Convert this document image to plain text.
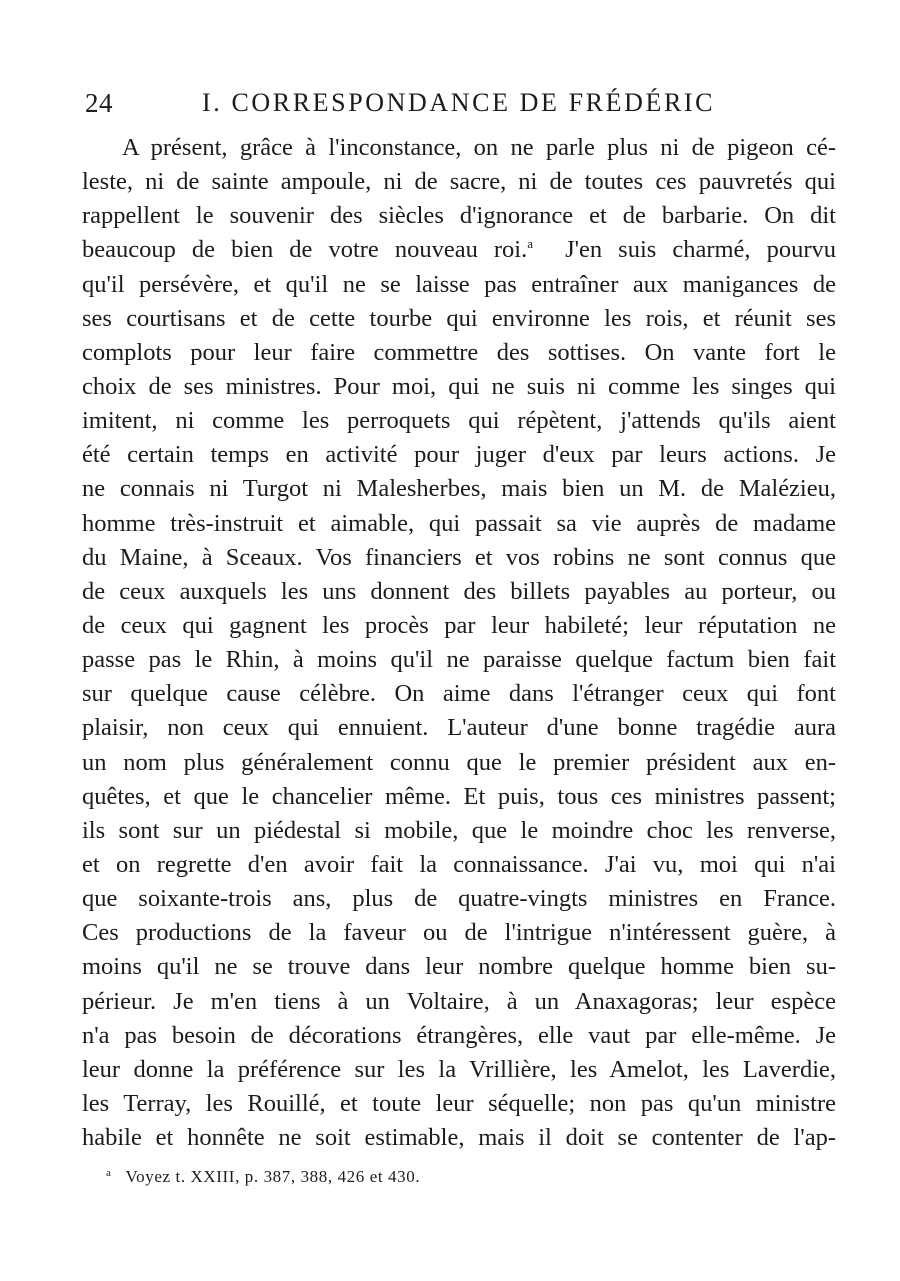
24	I. CORRESPONDANCE DE FRÉDÉRIC
A présent, grâce à l'inconstance, on ne parle plus ni de pigeon cé-
leste, ni de sainte ampoule, ni de sacre, ni de toutes ces pauvretés qui
rappellent le souvenir des siècles d'ignorance et de barbarie. On dit
beaucoup de bien de votre nouveau roi.$^a$ J'en suis charmé, pourvu
qu'il persévère, et qu'il ne se laisse pas entraîner aux manigances de
ses courtisans et de cette tourbe qui environne les rois, et réunit ses
complots pour leur faire commettre des sottises. On vante fort le
choix de ses ministres. Pour moi, qui ne suis ni comme les singes qui
imitent, ni comme les perroquets qui répètent, j'attends qu'ils aient
été certain temps en activité pour juger d'eux par leurs actions. Je
ne connais ni Turgot ni Malesherbes, mais bien un M. de Malézieu,
homme très-instruit et aimable, qui passait sa vie auprès de madame
du Maine, à Sceaux. Vos financiers et vos robins ne sont connus que
de ceux auxquels les uns donnent des billets payables au porteur, ou
de ceux qui gagnent les procès par leur habileté; leur réputation ne
passe pas le Rhin, à moins qu'il ne paraisse quelque factum bien fait
sur quelque cause célèbre. On aime dans l'étranger ceux qui font
plaisir, non ceux qui ennuient. L'auteur d'une bonne tragédie aura
un nom plus généralement connu que le premier président aux en-
quêtes, et que le chancelier même. Et puis, tous ces ministres passent;
ils sont sur un piédestal si mobile, que le moindre choc les renverse,
et on regrette d'en avoir fait la connaissance. J'ai vu, moi qui n'ai
que soixante-trois ans, plus de quatre-vingts ministres en France.
Ces productions de la faveur ou de l'intrigue n'intéressent guère, à
moins qu'il ne se trouve dans leur nombre quelque homme bien su-
périeur. Je m'en tiens à un Voltaire, à un Anaxagoras; leur espèce
n'a pas besoin de décorations étrangères, elle vaut par elle-même. Je
leur donne la préférence sur les la Vrillière, les Amelot, les Laverdie,
les Terray, les Rouillé, et toute leur séquelle; non pas qu'un ministre
habile et honnête ne soit estimable, mais il doit se contenter de l'ap-
$^a$ Voyez t. XXIII, p. 387, 388, 426 et 430.
